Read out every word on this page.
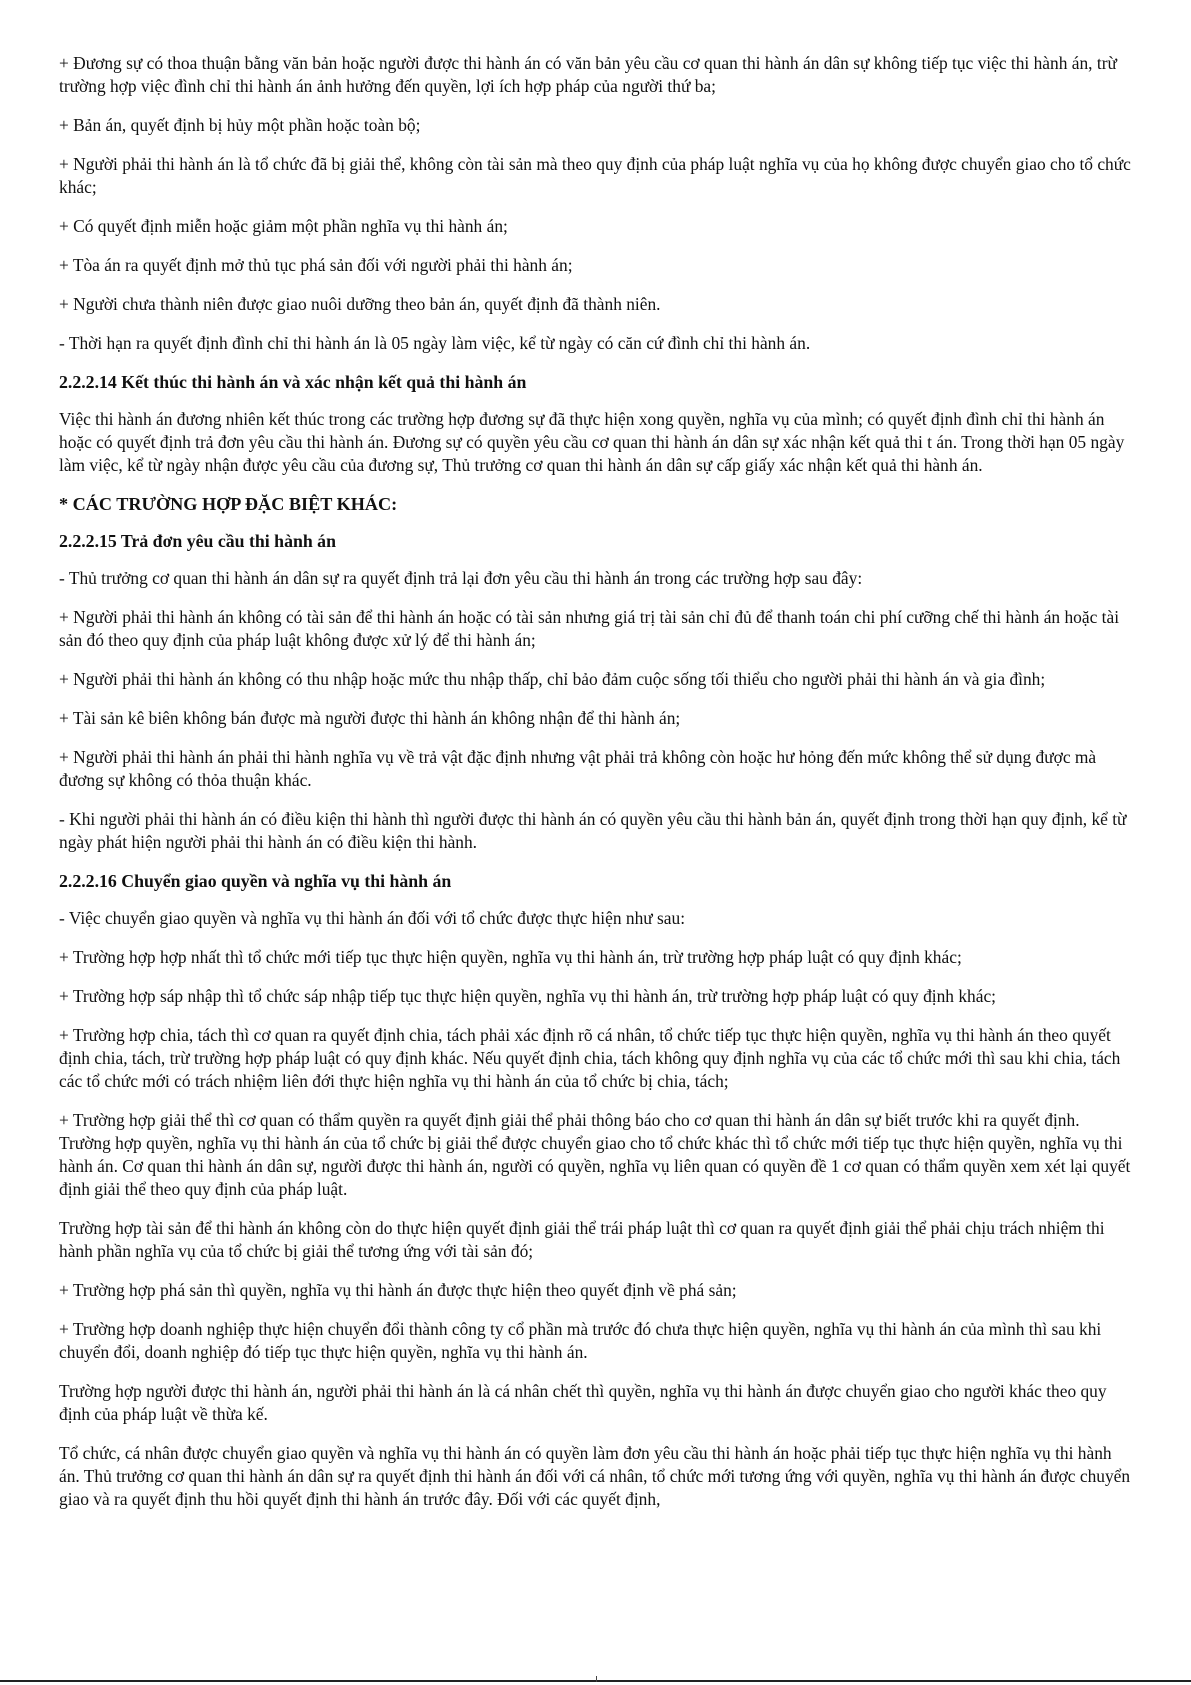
+ Đương sự có thoa thuận bằng văn bản hoặc người được thi hành án có văn bản yêu cầu cơ quan thi hành án dân sự không tiếp tục việc thi hành án, trừ trường hợp việc đình chỉ thi hành án ảnh hưởng đến quyền, lợi ích hợp pháp của người thứ ba;

+ Bản án, quyết định bị hủy một phần hoặc toàn bộ;

+ Người phải thi hành án là tổ chức đã bị giải thể, không còn tài sản mà theo quy định của pháp luật nghĩa vụ của họ không được chuyển giao cho tổ chức khác;

+ Có quyết định miễn hoặc giảm một phần nghĩa vụ thi hành án;

+ Tòa án ra quyết định mở thủ tục phá sản đối với người phải thi hành án;

+ Người chưa thành niên được giao nuôi dưỡng theo bản án, quyết định đã thành niên.

- Thời hạn ra quyết định đình chỉ thi hành án là 05 ngày làm việc, kể từ ngày có căn cứ đình chỉ thi hành án.

2.2.2.14 Kết thúc thi hành án và xác nhận kết quả thi hành án

Việc thi hành án đương nhiên kết thúc trong các trường hợp đương sự đã thực hiện xong quyền, nghĩa vụ của mình; có quyết định đình chỉ thi hành án hoặc có quyết định trả đơn yêu cầu thi hành án. Đương sự có quyền yêu cầu cơ quan thi hành án dân sự xác nhận kết quả thi t án. Trong thời hạn 05 ngày làm việc, kể từ ngày nhận được yêu cầu của đương sự, Thủ trưởng cơ quan thi hành án dân sự cấp giấy xác nhận kết quả thi hành án.

* CÁC TRƯỜNG HỢP ĐẶC BIỆT KHÁC:
2.2.2.15 Trả đơn yêu cầu thi hành án

- Thủ trưởng cơ quan thi hành án dân sự ra quyết định trả lại đơn yêu cầu thi hành án trong các trường hợp sau đây:

+ Người phải thi hành án không có tài sản để thi hành án hoặc có tài sản nhưng giá trị tài sản chỉ đủ để thanh toán chi phí cưỡng chế thi hành án hoặc tài sản đó theo quy định của pháp luật không được xử lý để thi hành án;

+ Người phải thi hành án không có thu nhập hoặc mức thu nhập thấp, chỉ bảo đảm cuộc sống tối thiểu cho người phải thi hành án và gia đình;

+ Tài sản kê biên không bán được mà người được thi hành án không nhận để thi hành án;

+ Người phải thi hành án phải thi hành nghĩa vụ về trả vật đặc định nhưng vật phải trả không còn hoặc hư hỏng đến mức không thể sử dụng được mà đương sự không có thỏa thuận khác.

- Khi người phải thi hành án có điều kiện thi hành thì người được thi hành án có quyền yêu cầu thi hành bản án, quyết định trong thời hạn quy định, kể từ ngày phát hiện người phải thi hành án có điều kiện thi hành.

2.2.2.16 Chuyển giao quyền và nghĩa vụ thi hành án

- Việc chuyển giao quyền và nghĩa vụ thi hành án đối với tổ chức được thực hiện như sau:

+ Trường hợp hợp nhất thì tổ chức mới tiếp tục thực hiện quyền, nghĩa vụ thi hành án, trừ trường hợp pháp luật có quy định khác;

+ Trường hợp sáp nhập thì tổ chức sáp nhập tiếp tục thực hiện quyền, nghĩa vụ thi hành án, trừ trường hợp pháp luật có quy định khác;

+ Trường hợp chia, tách thì cơ quan ra quyết định chia, tách phải xác định rõ cá nhân, tổ chức tiếp tục thực hiện quyền, nghĩa vụ thi hành án theo quyết định chia, tách, trừ trường hợp pháp luật có quy định khác. Nếu quyết định chia, tách không quy định nghĩa vụ của các tổ chức mới thì sau khi chia, tách các tổ chức mới có trách nhiệm liên đới thực hiện nghĩa vụ thi hành án của tổ chức bị chia, tách;

+ Trường hợp giải thể thì cơ quan có thẩm quyền ra quyết định giải thể phải thông báo cho cơ quan thi hành án dân sự biết trước khi ra quyết định. Trường hợp quyền, nghĩa vụ thi hành án của tổ chức bị giải thể được chuyển giao cho tổ chức khác thì tổ chức mới tiếp tục thực hiện quyền, nghĩa vụ thi hành án. Cơ quan thi hành án dân sự, người được thi hành án, người có quyền, nghĩa vụ liên quan có quyền đề 1 cơ quan có thẩm quyền xem xét lại quyết định giải thể theo quy định của pháp luật.

Trường hợp tài sản để thi hành án không còn do thực hiện quyết định giải thể trái pháp luật thì cơ quan ra quyết định giải thể phải chịu trách nhiệm thi hành phần nghĩa vụ của tổ chức bị giải thể tương ứng với tài sản đó;

+ Trường hợp phá sản thì quyền, nghĩa vụ thi hành án được thực hiện theo quyết định về phá sản;

+ Trường hợp doanh nghiệp thực hiện chuyển đổi thành công ty cổ phần mà trước đó chưa thực hiện quyền, nghĩa vụ thi hành án của mình thì sau khi chuyển đổi, doanh nghiệp đó tiếp tục thực hiện quyền, nghĩa vụ thi hành án.

Trường hợp người được thi hành án, người phải thi hành án là cá nhân chết thì quyền, nghĩa vụ thi hành án được chuyển giao cho người khác theo quy định của pháp luật về thừa kế.

Tổ chức, cá nhân được chuyển giao quyền và nghĩa vụ thi hành án có quyền làm đơn yêu cầu thi hành án hoặc phải tiếp tục thực hiện nghĩa vụ thi hành án. Thủ trưởng cơ quan thi hành án dân sự ra quyết định thi hành án đối với cá nhân, tổ chức mới tương ứng với quyền, nghĩa vụ thi hành án được chuyển giao và ra quyết định thu hồi quyết định thi hành án trước đây. Đối với các quyết định,
